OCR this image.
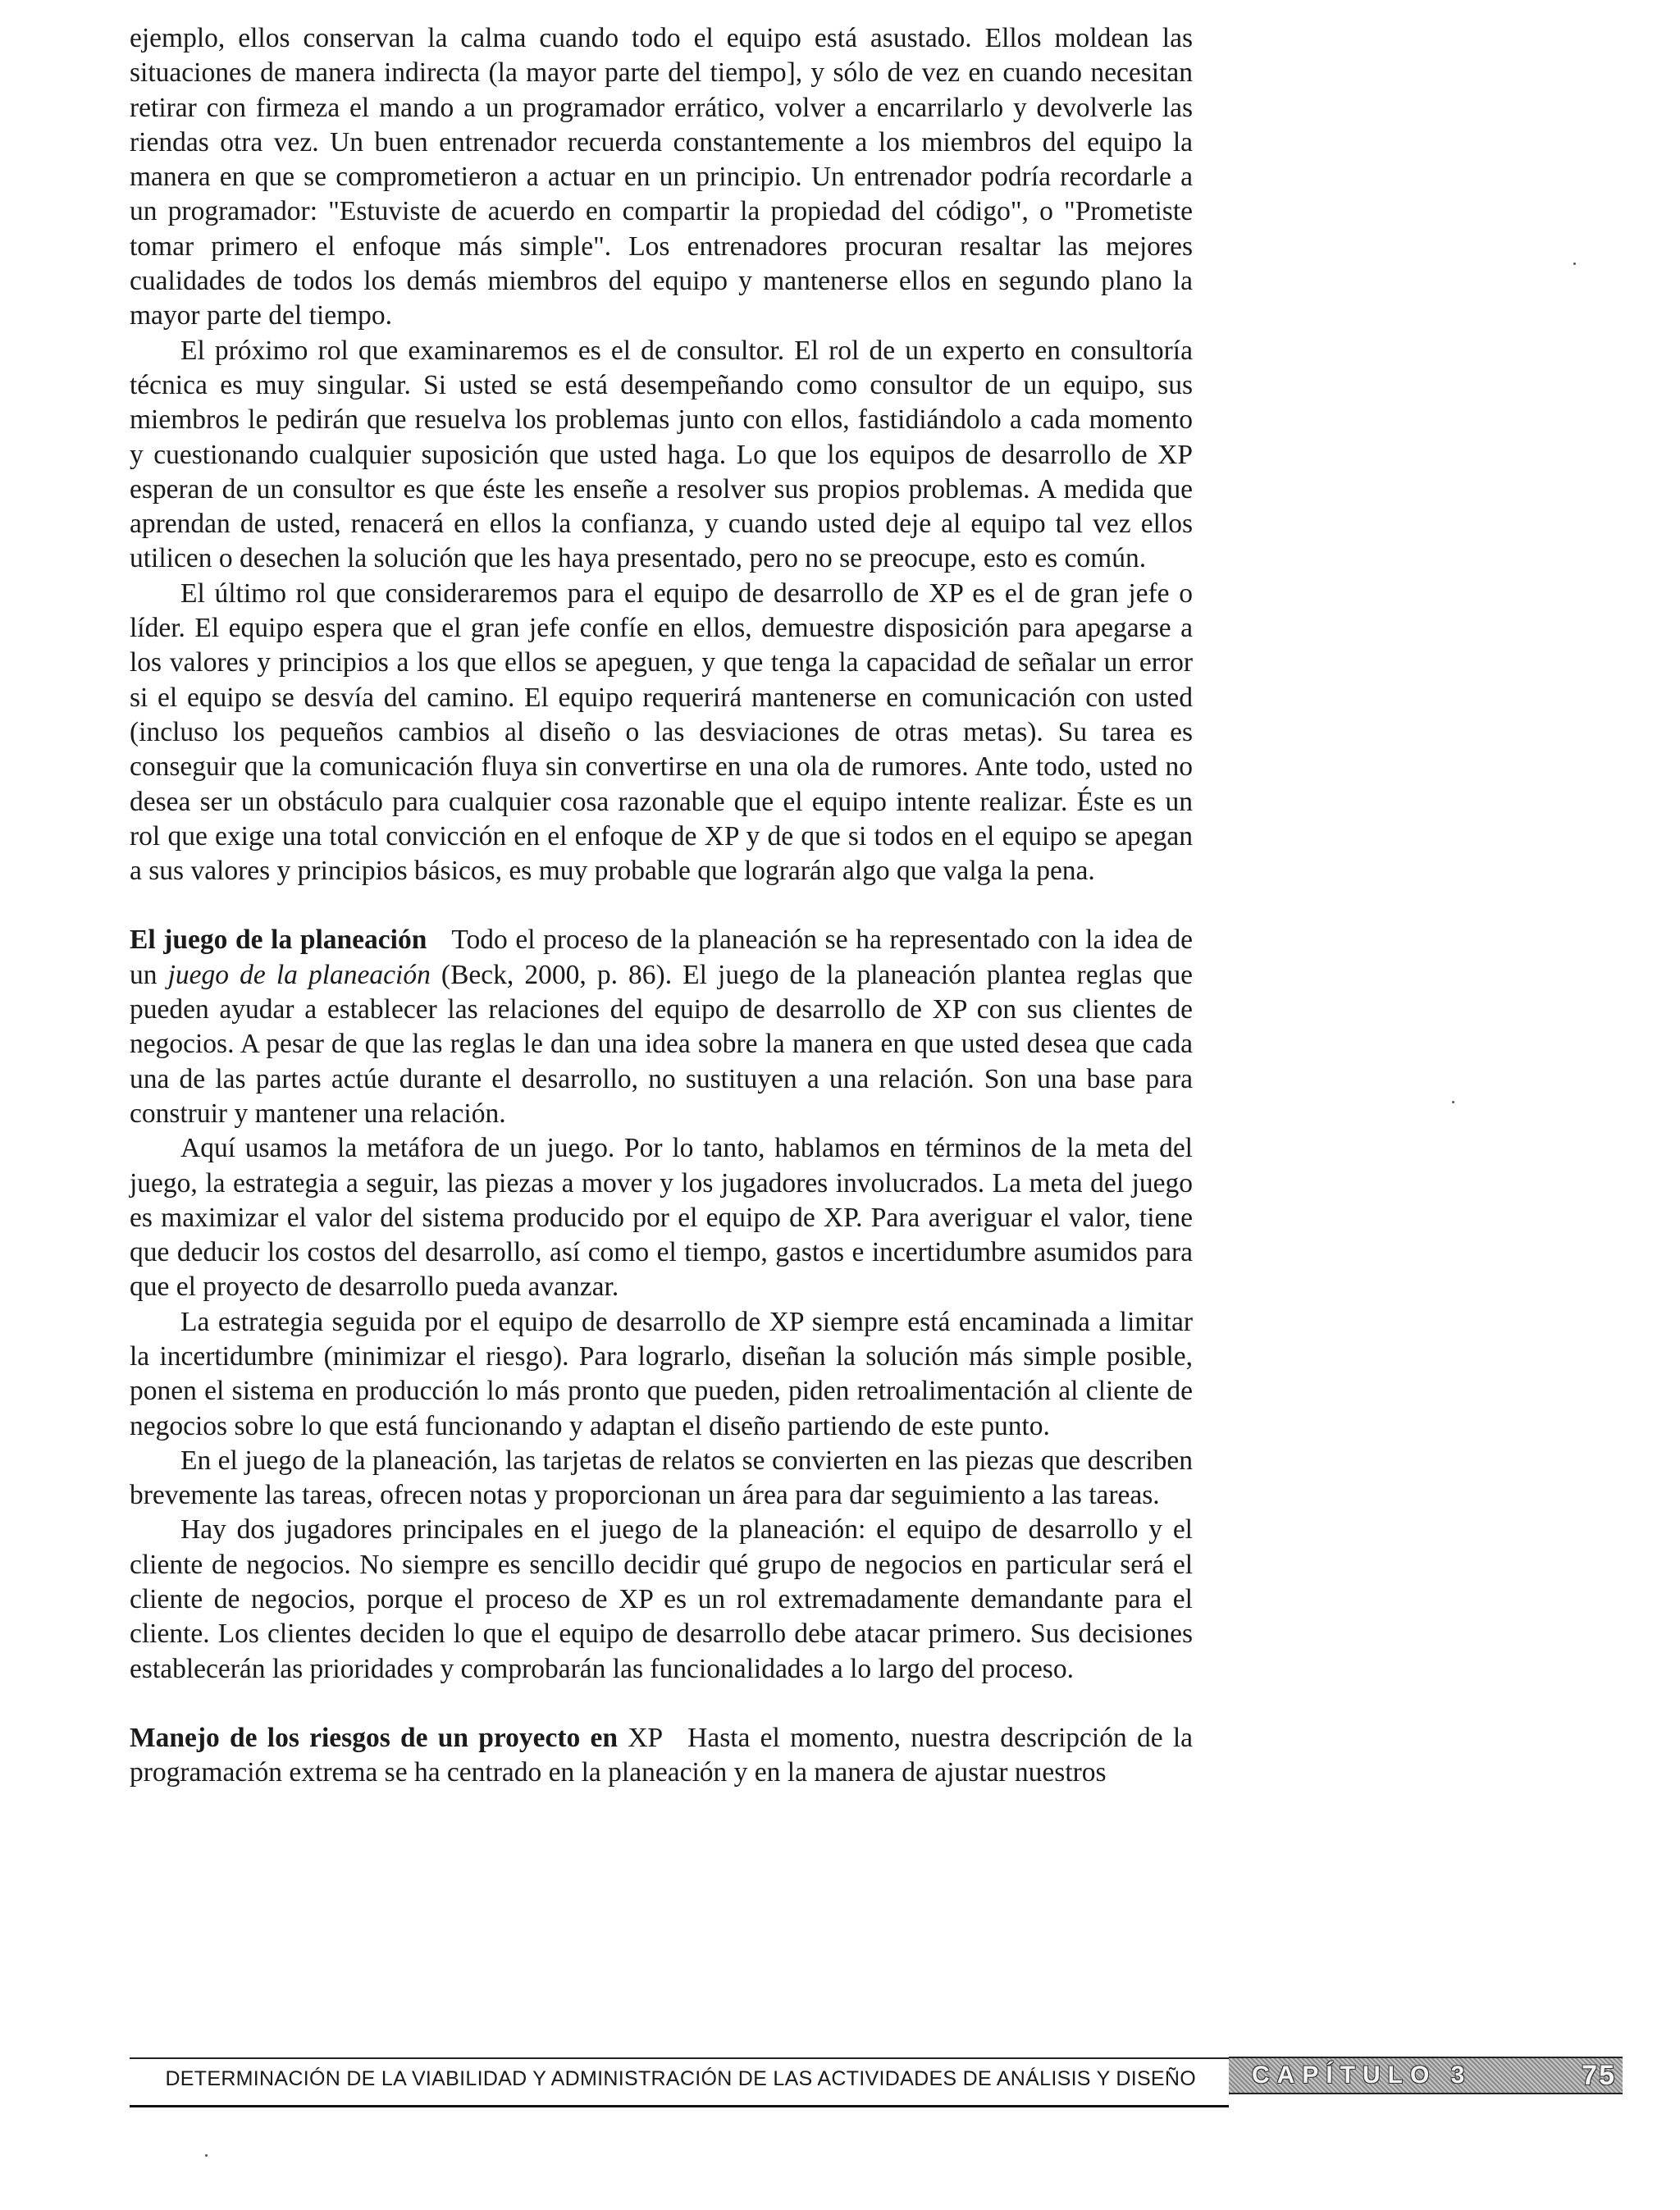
ejemplo, ellos conservan la calma cuando todo el equipo está asustado. Ellos moldean las situaciones de manera indirecta (la mayor parte del tiempo], y sólo de vez en cuando necesitan retirar con firmeza el mando a un programador errático, volver a encarrilarlo y devolverle las riendas otra vez. Un buen entrenador recuerda constantemente a los miembros del equipo la manera en que se comprometieron a actuar en un principio. Un entrenador podría recordarle a un programador: "Estuviste de acuerdo en compartir la propiedad del código", o "Prometiste tomar primero el enfoque más simple". Los entrenadores procuran resaltar las mejores cualidades de todos los demás miembros del equipo y mantenerse ellos en segundo plano la mayor parte del tiempo.

El próximo rol que examinaremos es el de consultor. El rol de un experto en consultoría técnica es muy singular. Si usted se está desempeñando como consultor de un equipo, sus miembros le pedirán que resuelva los problemas junto con ellos, fastidiándolo a cada momento y cuestionando cualquier suposición que usted haga. Lo que los equipos de desarrollo de XP esperan de un consultor es que éste les enseñe a resolver sus propios problemas. A medida que aprendan de usted, renacerá en ellos la confianza, y cuando usted deje al equipo tal vez ellos utilicen o desechen la solución que les haya presentado, pero no se preocupe, esto es común.

El último rol que consideraremos para el equipo de desarrollo de XP es el de gran jefe o líder. El equipo espera que el gran jefe confíe en ellos, demuestre disposición para apegarse a los valores y principios a los que ellos se apeguen, y que tenga la capacidad de señalar un error si el equipo se desvía del camino. El equipo requerirá mantenerse en comunicación con usted (incluso los pequeños cambios al diseño o las desviaciones de otras metas). Su tarea es conseguir que la comunicación fluya sin convertirse en una ola de rumores. Ante todo, usted no desea ser un obstáculo para cualquier cosa razonable que el equipo intente realizar. Éste es un rol que exige una total convicción en el enfoque de XP y de que si todos en el equipo se apegan a sus valores y principios básicos, es muy probable que lograrán algo que valga la pena.

El juego de la planeación Todo el proceso de la planeación se ha representado con la idea de un juego de la planeación (Beck, 2000, p. 86). El juego de la planeación plantea reglas que pueden ayudar a establecer las relaciones del equipo de desarrollo de XP con sus clientes de negocios. A pesar de que las reglas le dan una idea sobre la manera en que usted desea que cada una de las partes actúe durante el desarrollo, no sustituyen a una relación. Son una base para construir y mantener una relación.

Aquí usamos la metáfora de un juego. Por lo tanto, hablamos en términos de la meta del juego, la estrategia a seguir, las piezas a mover y los jugadores involucrados. La meta del juego es maximizar el valor del sistema producido por el equipo de XP. Para averiguar el valor, tiene que deducir los costos del desarrollo, así como el tiempo, gastos e incertidumbre asumidos para que el proyecto de desarrollo pueda avanzar.

La estrategia seguida por el equipo de desarrollo de XP siempre está encaminada a limitar la incertidumbre (minimizar el riesgo). Para lograrlo, diseñan la solución más simple posible, ponen el sistema en producción lo más pronto que pueden, piden retroalimentación al cliente de negocios sobre lo que está funcionando y adaptan el diseño partiendo de este punto.

En el juego de la planeación, las tarjetas de relatos se convierten en las piezas que describen brevemente las tareas, ofrecen notas y proporcionan un área para dar seguimiento a las tareas.

Hay dos jugadores principales en el juego de la planeación: el equipo de desarrollo y el cliente de negocios. No siempre es sencillo decidir qué grupo de negocios en particular será el cliente de negocios, porque el proceso de XP es un rol extremadamente demandante para el cliente. Los clientes deciden lo que el equipo de desarrollo debe atacar primero. Sus decisiones establecerán las prioridades y comprobarán las funcionalidades a lo largo del proceso.

Manejo de los riesgos de un proyecto en XP Hasta el momento, nuestra descripción de la programación extrema se ha centrado en la planeación y en la manera de ajustar nuestros

DETERMINACIÓN DE LA VIABILIDAD Y ADMINISTRACIÓN DE LAS ACTIVIDADES DE ANÁLISIS Y DISEÑO CAPÍTULO 3	75
